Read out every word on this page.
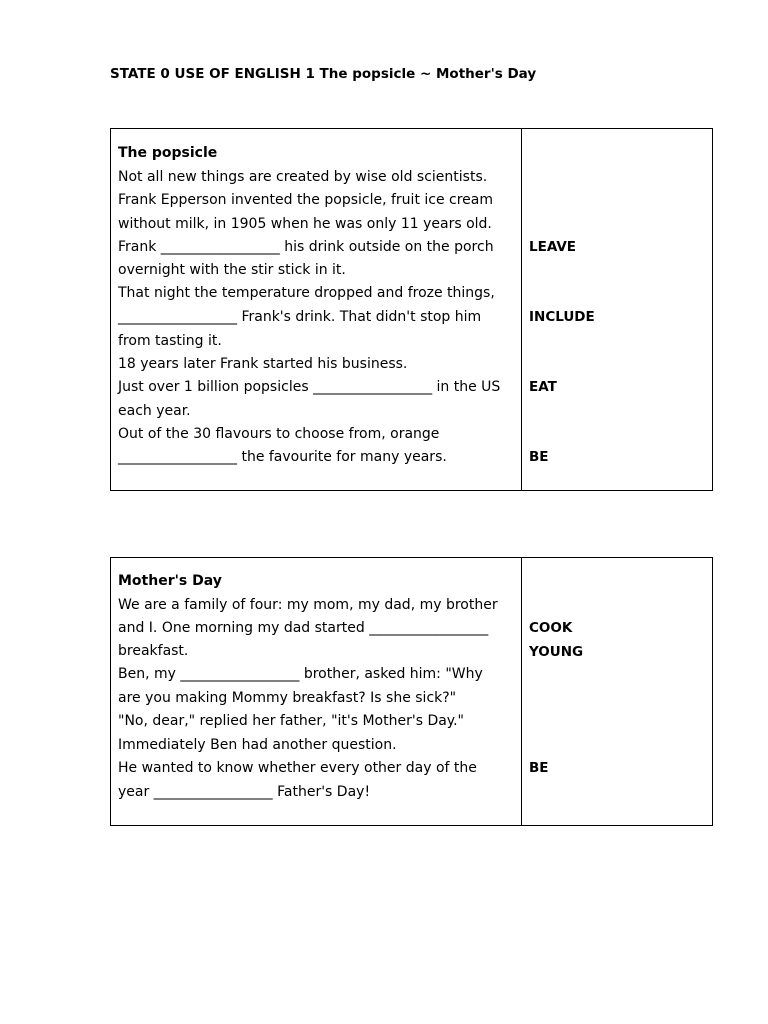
STATE 0 USE OF ENGLISH 1 The popsicle ~ Mother's Day
The popsicle
Not all new things are created by wise old scientists.
Frank Epperson invented the popsicle, fruit ice cream
without milk, in 1905 when he was only 11 years old.
Frank _________________ his drink outside on the porch
overnight with the stir stick in it.
That night the temperature dropped and froze things,
_________________ Frank's drink. That didn't stop him
from tasting it.
18 years later Frank started his business.
Just over 1 billion popsicles _________________ in the US
each year.
Out of the 30 flavours to choose from, orange
_________________ the favourite for many years.
LEAVE
INCLUDE
EAT
BE
Mother's Day
We are a family of four: my mom, my dad, my brother
and I. One morning my dad started _________________
breakfast.
Ben, my _________________ brother, asked him: "Why
are you making Mommy breakfast? Is she sick?"
"No, dear," replied her father, "it's Mother's Day."
Immediately Ben had another question.
He wanted to know whether every other day of the
year _________________ Father's Day!
COOK
YOUNG
BE
